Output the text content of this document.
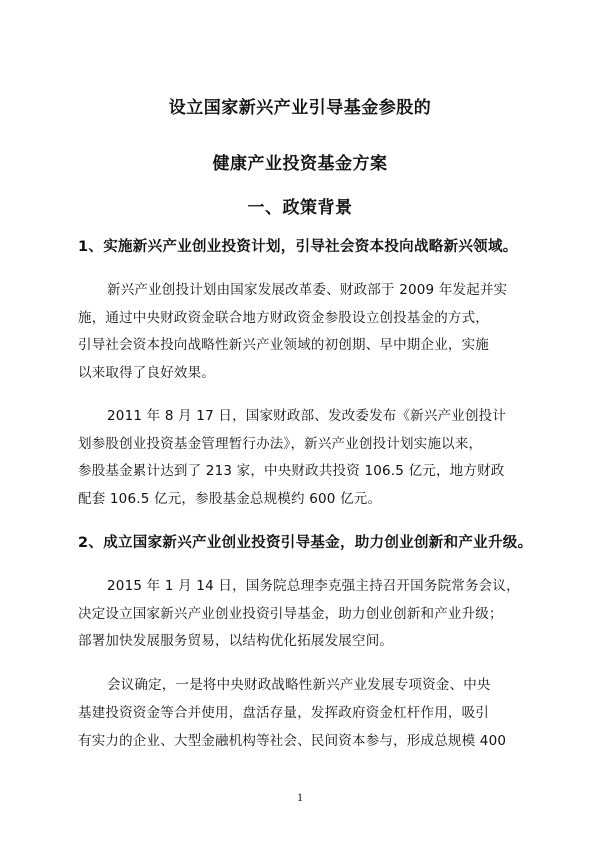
设立国家新兴产业引导基金参股的
健康产业投资基金方案
一、政策背景
1、实施新兴产业创业投资计划，引导社会资本投向战略新兴领域。
新兴产业创投计划由国家发展改革委、财政部于 2009 年发起并实
施，通过中央财政资金联合地方财政资金参股设立创投基金的方式，
引导社会资本投向战略性新兴产业领域的初创期、早中期企业，实施
以来取得了良好效果。
2011 年 8 月 17 日，国家财政部、发改委发布《新兴产业创投计
划参股创业投资基金管理暂行办法》，新兴产业创投计划实施以来，
参股基金累计达到了 213 家，中央财政共投资 106.5 亿元，地方财政
配套 106.5 亿元，参股基金总规模约 600 亿元。
2、成立国家新兴产业创业投资引导基金，助力创业创新和产业升级。
2015 年 1 月 14 日，国务院总理李克强主持召开国务院常务会议，
决定设立国家新兴产业创业投资引导基金，助力创业创新和产业升级；
部署加快发展服务贸易，以结构优化拓展发展空间。
会议确定，一是将中央财政战略性新兴产业发展专项资金、中央
基建投资资金等合并使用，盘活存量，发挥政府资金杠杆作用，吸引
有实力的企业、大型金融机构等社会、民间资本参与，形成总规模 400
1
